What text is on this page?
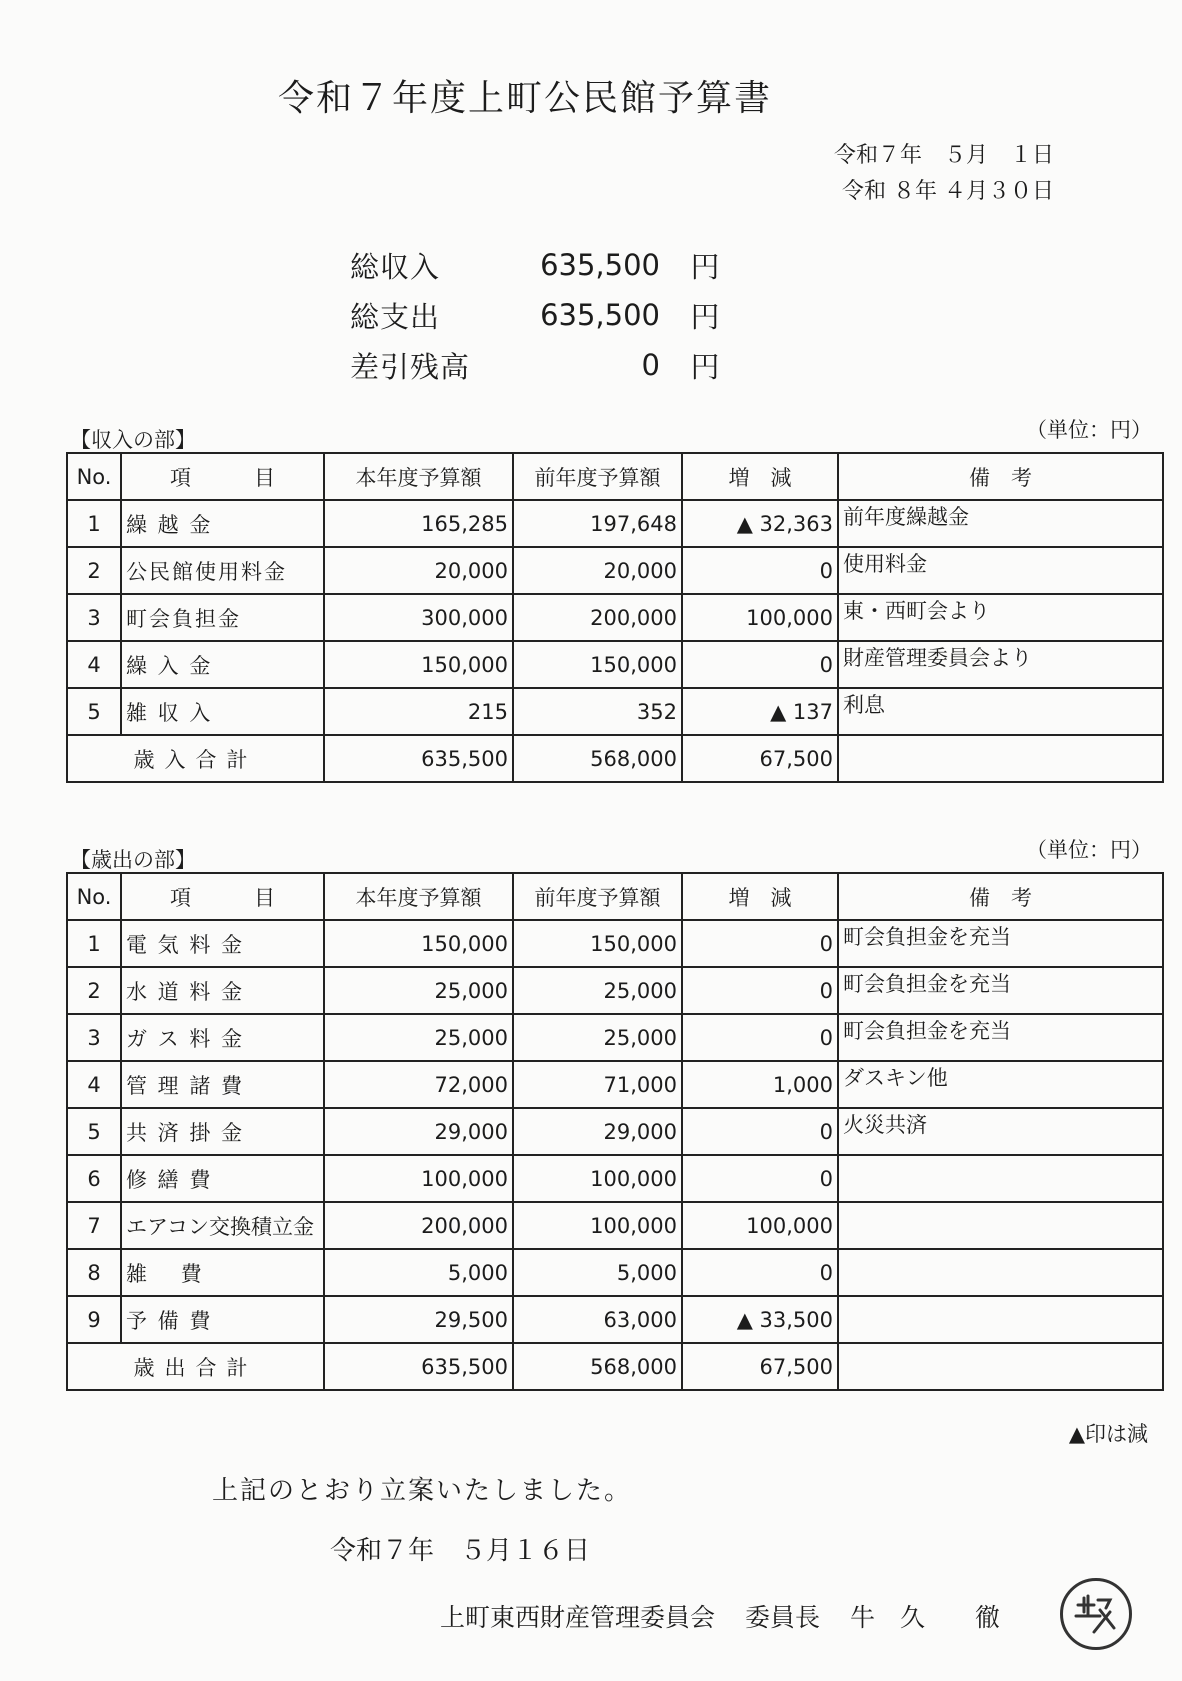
令和７年度上町公民館予算書
令和７年　５月　１日
令和 ８年 ４月３０日
総収入	635,500	円
総支出	635,500	円
差引残高	0	円
【収入の部】	（単位：円）
No.	項　　　目	本年度予算額	前年度予算額	増　減	備　考
1	繰 越 金	165,285	197,648	▲ 32,363	前年度繰越金
2	公民館使用料金	20,000	20,000	0	使用料金
3	町会負担金	300,000	200,000	100,000	東・西町会より
4	繰 入 金	150,000	150,000	0	財産管理委員会より
5	雑 収 入	215	352	▲ 137	利息
歳入合計		635,500	568,000	67,500	
【歳出の部】	（単位：円）
No.	項　　　目	本年度予算額	前年度予算額	増　減	備　考
1	電 気 料 金	150,000	150,000	0	町会負担金を充当
2	水 道 料 金	25,000	25,000	0	町会負担金を充当
3	ガ ス 料 金	25,000	25,000	0	町会負担金を充当
4	管 理 諸 費	72,000	71,000	1,000	ダスキン他
5	共 済 掛 金	29,000	29,000	0	火災共済
6	修 繕 費	100,000	100,000	0	
7	エアコン交換積立金	200,000	100,000	100,000	
8	雑 　費	5,000	5,000	0	
9	予 備 費	29,500	63,000	▲ 33,500	
歳出合計		635,500	568,000	67,500	
▲印は減
上記のとおり立案いたしました。
令和７年　５月１６日
上町東西財産管理委員会 委員長 牛　久　　徹
